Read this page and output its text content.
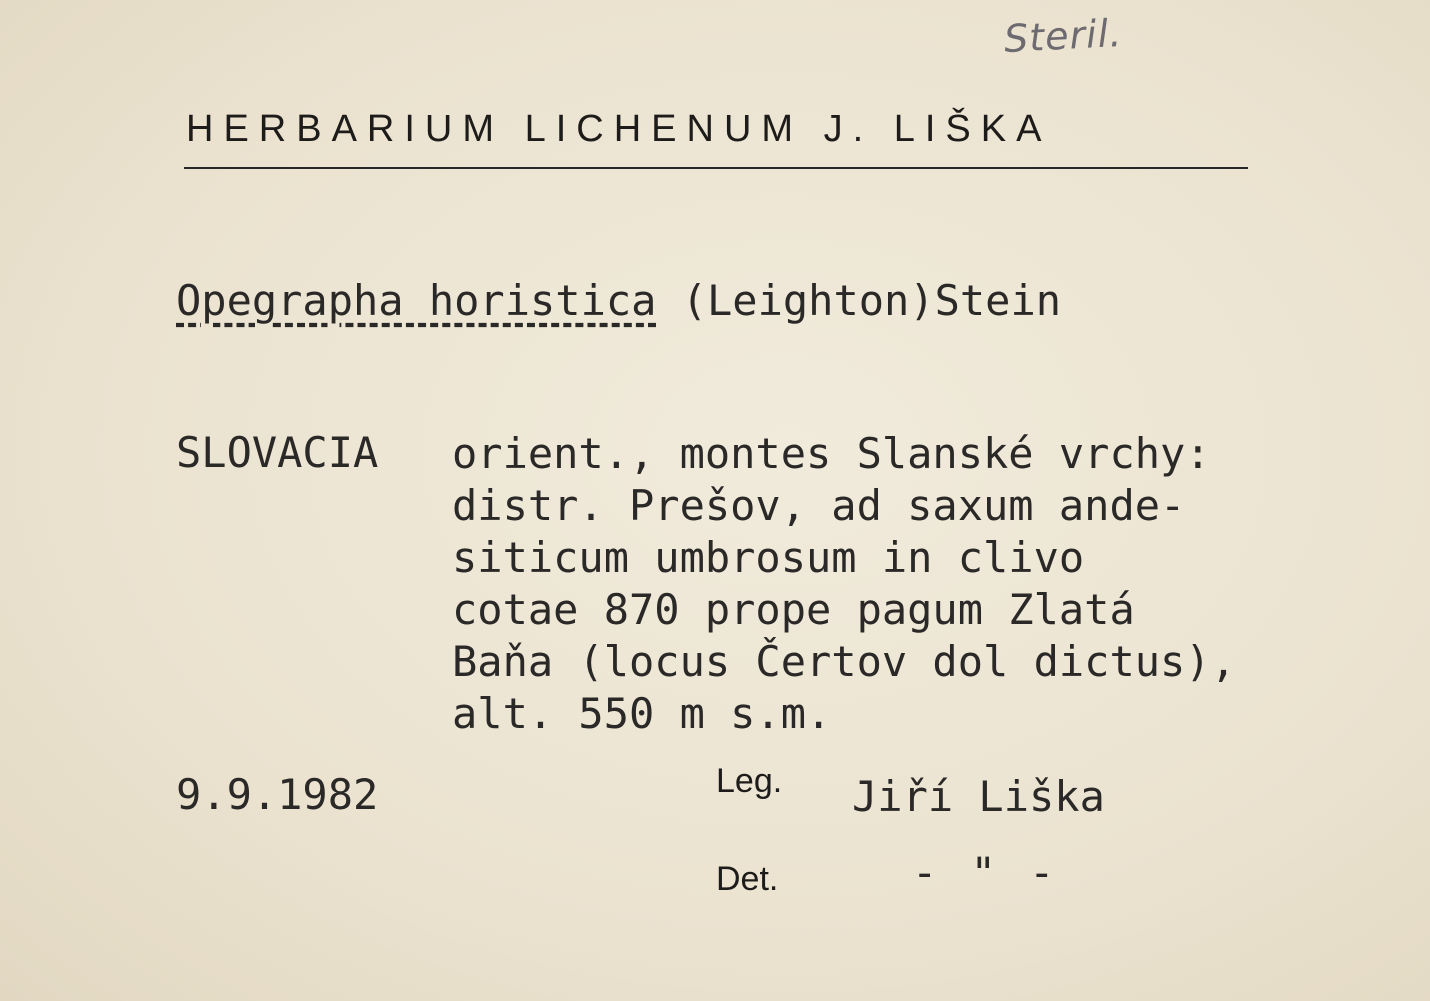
Steril.
HERBARIUM LICHENUM J. LIŠKA
Opegrapha horistica (Leighton)Stein
SLOVACIA orient., montes Slanské vrchy:
distr. Prešov, ad saxum ande-
siticum umbrosum in clivo
cotae 870 prope pagum Zlatá
Baňa (locus Čertov dol dictus),
alt. 550 m s.m.
9.9.1982	Leg. Jiří Liška
Det.	- " -
